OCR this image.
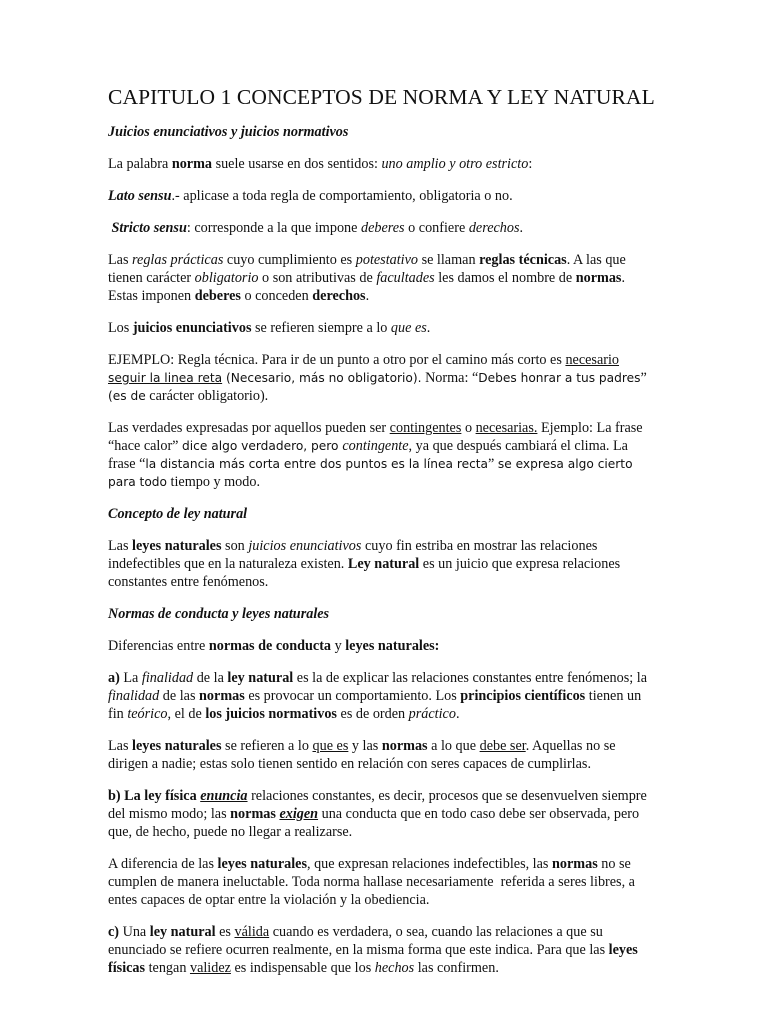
CAPITULO 1 CONCEPTOS DE NORMA Y LEY NATURAL

Juicios enunciativos y juicios normativos

La palabra norma suele usarse en dos sentidos: uno amplio y otro estricto:

Lato sensu.- aplicase a toda regla de comportamiento, obligatoria o no.

Stricto sensu: corresponde a la que impone deberes o confiere derechos.

Las reglas prácticas cuyo cumplimiento es potestativo se llaman reglas técnicas. A las que tienen carácter obligatorio o son atributivas de facultades les damos el nombre de normas. Estas imponen deberes o conceden derechos.

Los juicios enunciativos se refieren siempre a lo que es.

EJEMPLO: Regla técnica. Para ir de un punto a otro por el camino más corto es necesario seguir la linea reta (Necesario, más no obligatorio). Norma: “Debes honrar a tus padres” (es de carácter obligatorio).

Las verdades expresadas por aquellos pueden ser contingentes o necesarias. Ejemplo: La frase “hace calor” dice algo verdadero, pero contingente, ya que después cambiará el clima. La frase “la distancia más corta entre dos puntos es la línea recta” se expresa algo cierto para todo tiempo y modo.

Concepto de ley natural

Las leyes naturales son juicios enunciativos cuyo fin estriba en mostrar las relaciones indefectibles que en la naturaleza existen. Ley natural es un juicio que expresa relaciones constantes entre fenómenos.

Normas de conducta y leyes naturales

Diferencias entre normas de conducta y leyes naturales:

a) La finalidad de la ley natural es la de explicar las relaciones constantes entre fenómenos; la finalidad de las normas es provocar un comportamiento. Los principios científicos tienen un fin teórico, el de los juicios normativos es de orden práctico.

Las leyes naturales se refieren a lo que es y las normas a lo que debe ser. Aquellas no se dirigen a nadie; estas solo tienen sentido en relación con seres capaces de cumplirlas.

b) La ley física enuncia relaciones constantes, es decir, procesos que se desenvuelven siempre del mismo modo; las normas exigen una conducta que en todo caso debe ser observada, pero que, de hecho, puede no llegar a realizarse.

A diferencia de las leyes naturales, que expresan relaciones indefectibles, las normas no se cumplen de manera ineluctable. Toda norma hallase necesariamente  referida a seres libres, a entes capaces de optar entre la violación y la obediencia.

c) Una ley natural es válida cuando es verdadera, o sea, cuando las relaciones a que su enunciado se refiere ocurren realmente, en la misma forma que este indica. Para que las leyes físicas tengan validez es indispensable que los hechos las confirmen.
